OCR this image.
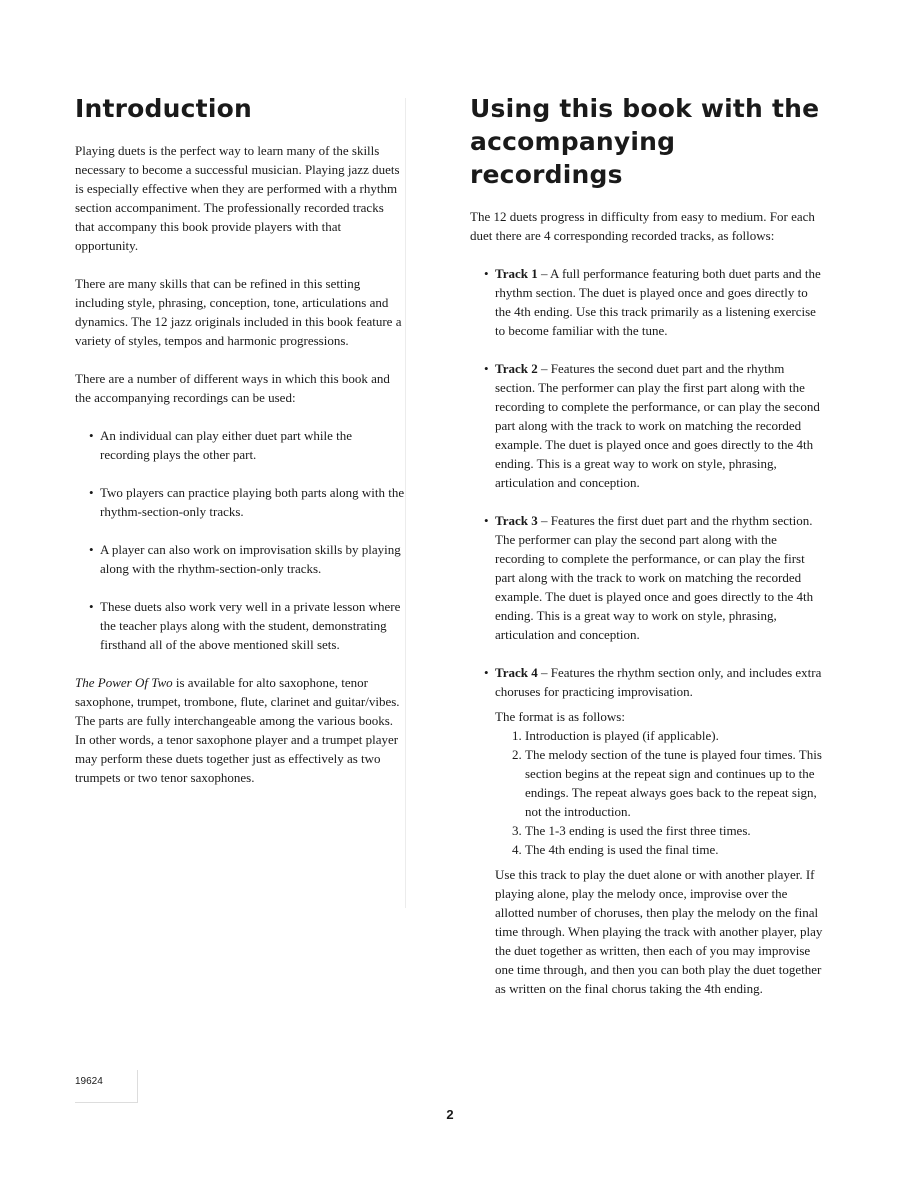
Introduction

Playing duets is the perfect way to learn many of the skills necessary to become a successful musician. Playing jazz duets is especially effective when they are performed with a rhythm section accompaniment. The professionally recorded tracks that accompany this book provide players with that opportunity.

There are many skills that can be refined in this setting including style, phrasing, conception, tone, articulations and dynamics. The 12 jazz originals included in this book feature a variety of styles, tempos and harmonic progressions.

There are a number of different ways in which this book and the accompanying recordings can be used:

• An individual can play either duet part while the recording plays the other part.
• Two players can practice playing both parts along with the rhythm-section-only tracks.
• A player can also work on improvisation skills by playing along with the rhythm-section-only tracks.
• These duets also work very well in a private lesson where the teacher plays along with the student, demonstrating firsthand all of the above mentioned skill sets.

The Power Of Two is available for alto saxophone, tenor saxophone, trumpet, trombone, flute, clarinet and guitar/vibes. The parts are fully interchangeable among the various books. In other words, a tenor saxophone player and a trumpet player may perform these duets together just as effectively as two trumpets or two tenor saxophones.

Using this book with the accompanying recordings

The 12 duets progress in difficulty from easy to medium. For each duet there are 4 corresponding recorded tracks, as follows:

• Track 1 – A full performance featuring both duet parts and the rhythm section. The duet is played once and goes directly to the 4th ending. Use this track primarily as a listening exercise to become familiar with the tune.
• Track 2 – Features the second duet part and the rhythm section. The performer can play the first part along with the recording to complete the performance, or can play the second part along with the track to work on matching the recorded example. The duet is played once and goes directly to the 4th ending. This is a great way to work on style, phrasing, articulation and conception.
• Track 3 – Features the first duet part and the rhythm section. The performer can play the second part along with the recording to complete the performance, or can play the first part along with the track to work on matching the recorded example. The duet is played once and goes directly to the 4th ending. This is a great way to work on style, phrasing, articulation and conception.
• Track 4 – Features the rhythm section only, and includes extra choruses for practicing improvisation.

The format is as follows:

1. Introduction is played (if applicable).
2. The melody section of the tune is played four times. This section begins at the repeat sign and continues up to the endings. The repeat always goes back to the repeat sign, not the introduction.
3. The 1-3 ending is used the first three times.
4. The 4th ending is used the final time.

Use this track to play the duet alone or with another player. If playing alone, play the melody once, improvise over the allotted number of choruses, then play the melody on the final time through. When playing the track with another player, play the duet together as written, then each of you may improvise one time through, and then you can both play the duet together as written on the final chorus taking the 4th ending.

19624
2
